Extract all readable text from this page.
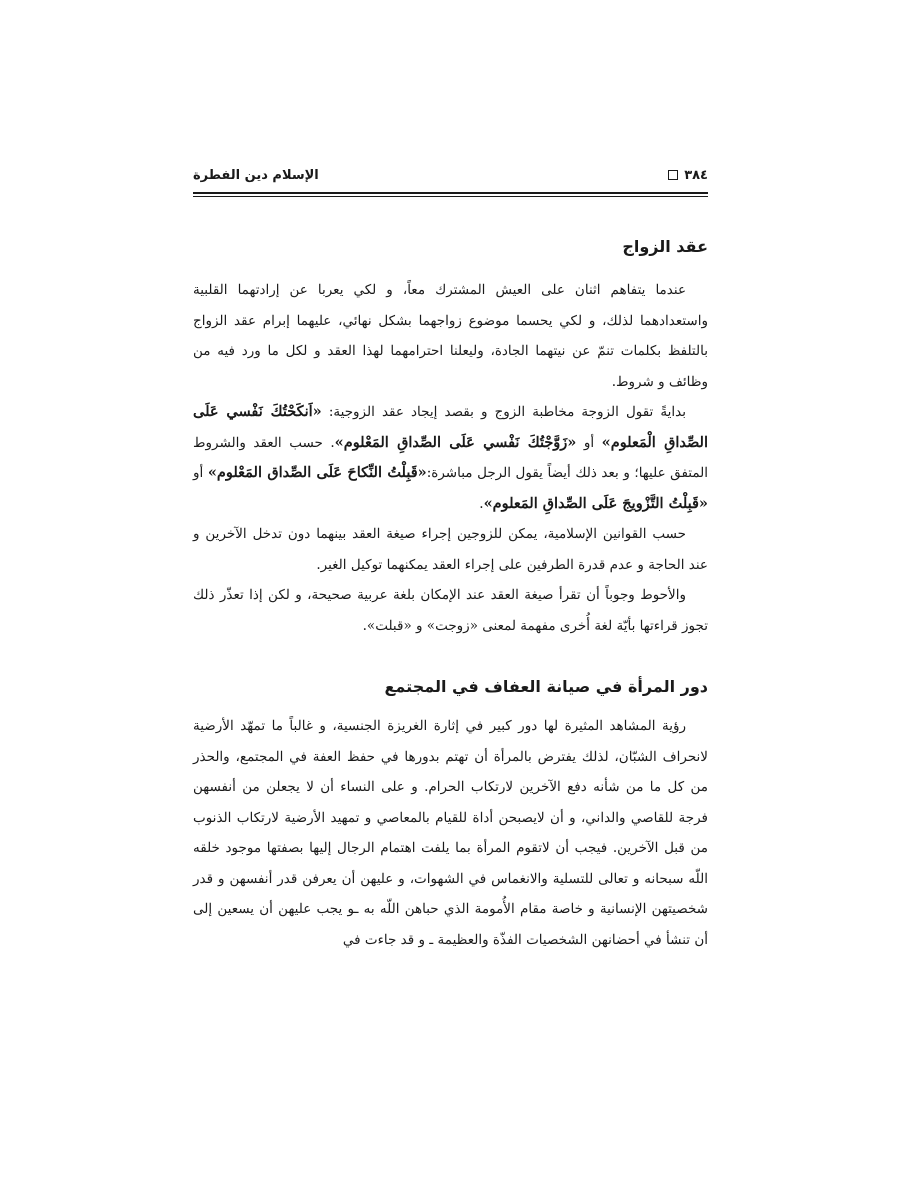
٣٨٤
الإسلام دين الفطرة
عقد الزواج

عندما يتفاهم اثنان على العيش المشترك معاً، و لكي يعربا عن إرادتهما القلبية واستعدادهما لذلك، و لكي يحسما موضوع زواجهما بشكل نهائي، عليهما إبرام عقد الزواج بالتلفظ بكلمات تنمّ عن نيتهما الجادة، وليعلنا احترامهما لهذا العقد و لكل ما ورد فيه من وظائف و شروط.

بدايةً تقول الزوجة مخاطبة الزوج و بقصد إيجاد عقد الزوجية: «اَنكَحْتُكَ نَفْسي عَلَى الصِّداقِ الْمَعلوم» أو «زَوَّجْتُكَ نَفْسي عَلَى الصِّداقِ المَعْلوم». حسب العقد والشروط المتفق عليها؛ و بعد ذلك أيضاً يقول الرجل مباشرة:«قَبِلْتُ النِّكاحَ عَلَى الصِّداق المَعْلوم» أو «قَبِلْتُ التَّزْويجَ عَلَى الصِّداقِ المَعلوم».

حسب القوانين الإسلامية، يمكن للزوجين إجراء صيغة العقد بينهما دون تدخل الآخرين و عند الحاجة و عدم قدرة الطرفين على إجراء العقد يمكنهما توكيل الغير.

والأحوط وجوباً أن تقرأ صيغة العقد عند الإمكان بلغة عربية صحيحة، و لكن إذا تعذّر ذلك تجوز قراءتها بأيّة لغة أُخرى مفهمة لمعنى «زوجت» و «قبلت».

دور المرأة في صيانة العفاف في المجتمع

رؤية المشاهد المثيرة لها دور كبير في إثارة الغريزة الجنسية، و غالباً ما تمهّد الأرضية لانحراف الشبّان، لذلك يفترض بالمرأة أن تهتم بدورها في حفظ العفة في المجتمع، والحذر من كل ما من شأنه دفع الآخرين لارتكاب الحرام. و على النساء أن لا يجعلن من أنفسهن فرجة للقاصي والداني، و أن لايصبحن أداة للقيام بالمعاصي و تمهيد الأرضية لارتكاب الذنوب من قبل الآخرين. فيجب أن لاتقوم المرأة بما يلفت اهتمام الرجال إليها بصفتها موجود خلقه اللّه سبحانه و تعالى للتسلية والانغماس في الشهوات، و عليهن أن يعرفن قدر أنفسهن و قدر شخصيتهن الإنسانية و خاصة مقام الأُمومة الذي حباهن اللّه به ـو يجب عليهن أن يسعين إلى أن تنشأ في أحضانهن الشخصيات الفذّة والعظيمة ـ و قد جاءت في
